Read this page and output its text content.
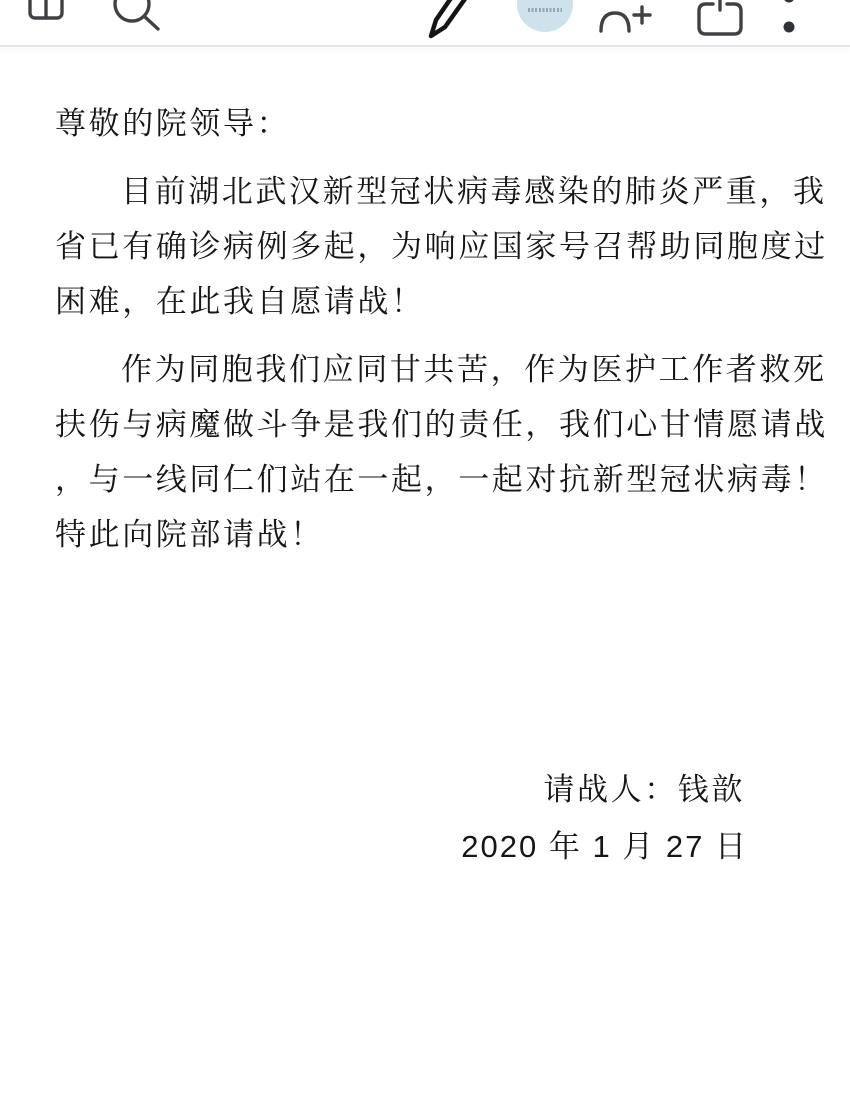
尊敬的院领导：
目前湖北武汉新型冠状病毒感染的肺炎严重，我
省已有确诊病例多起，为响应国家号召帮助同胞度过
困难，在此我自愿请战！
作为同胞我们应同甘共苦，作为医护工作者救死
扶伤与病魔做斗争是我们的责任，我们心甘情愿请战
，与一线同仁们站在一起，一起对抗新型冠状病毒！
特此向院部请战！
请战人：钱歆
2020 年 1 月 27 日
